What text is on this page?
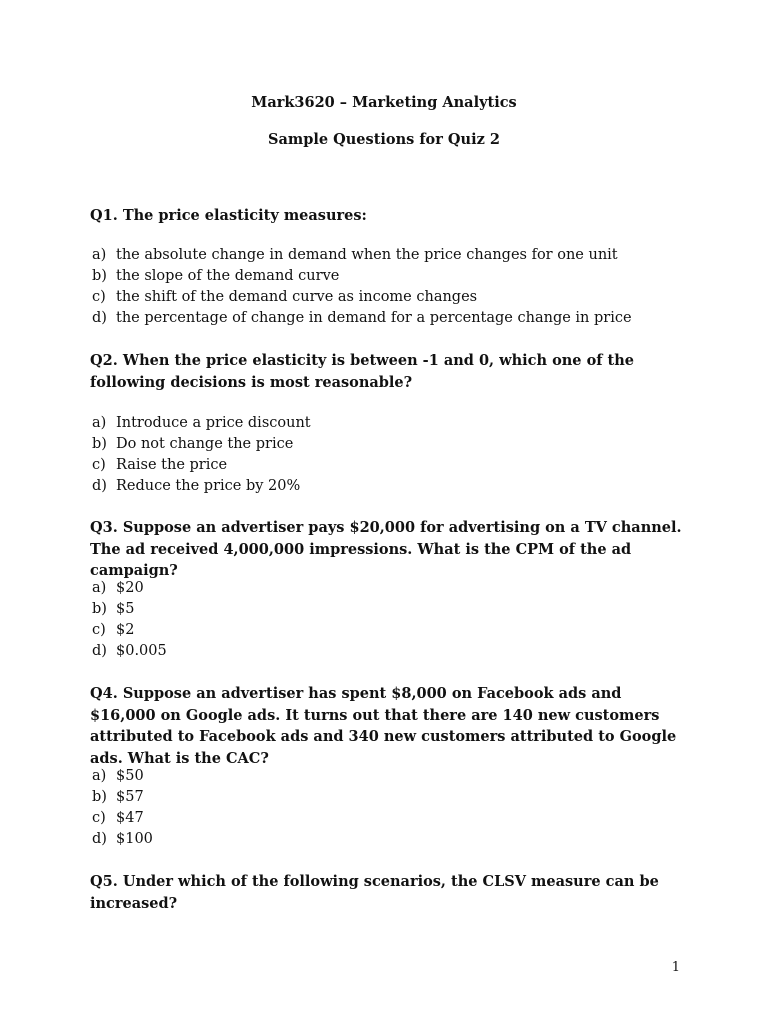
Mark3620 – Marketing Analytics
Sample Questions for Quiz 2
Q1. The price elasticity measures:
a) the absolute change in demand when the price changes for one unit
b) the slope of the demand curve
c) the shift of the demand curve as income changes
d) the percentage of change in demand for a percentage change in price
Q2. When the price elasticity is between -1 and 0, which one of the following decisions is most reasonable?
a) Introduce a price discount
b) Do not change the price
c) Raise the price
d) Reduce the price by 20%
Q3. Suppose an advertiser pays $20,000 for advertising on a TV channel. The ad received 4,000,000 impressions. What is the CPM of the ad campaign?
a) $20
b) $5
c) $2
d) $0.005
Q4. Suppose an advertiser has spent $8,000 on Facebook ads and $16,000 on Google ads. It turns out that there are 140 new customers attributed to Facebook ads and 340 new customers attributed to Google ads. What is the CAC?
a) $50
b) $57
c) $47
d) $100
Q5. Under which of the following scenarios, the CLSV measure can be increased?
1
